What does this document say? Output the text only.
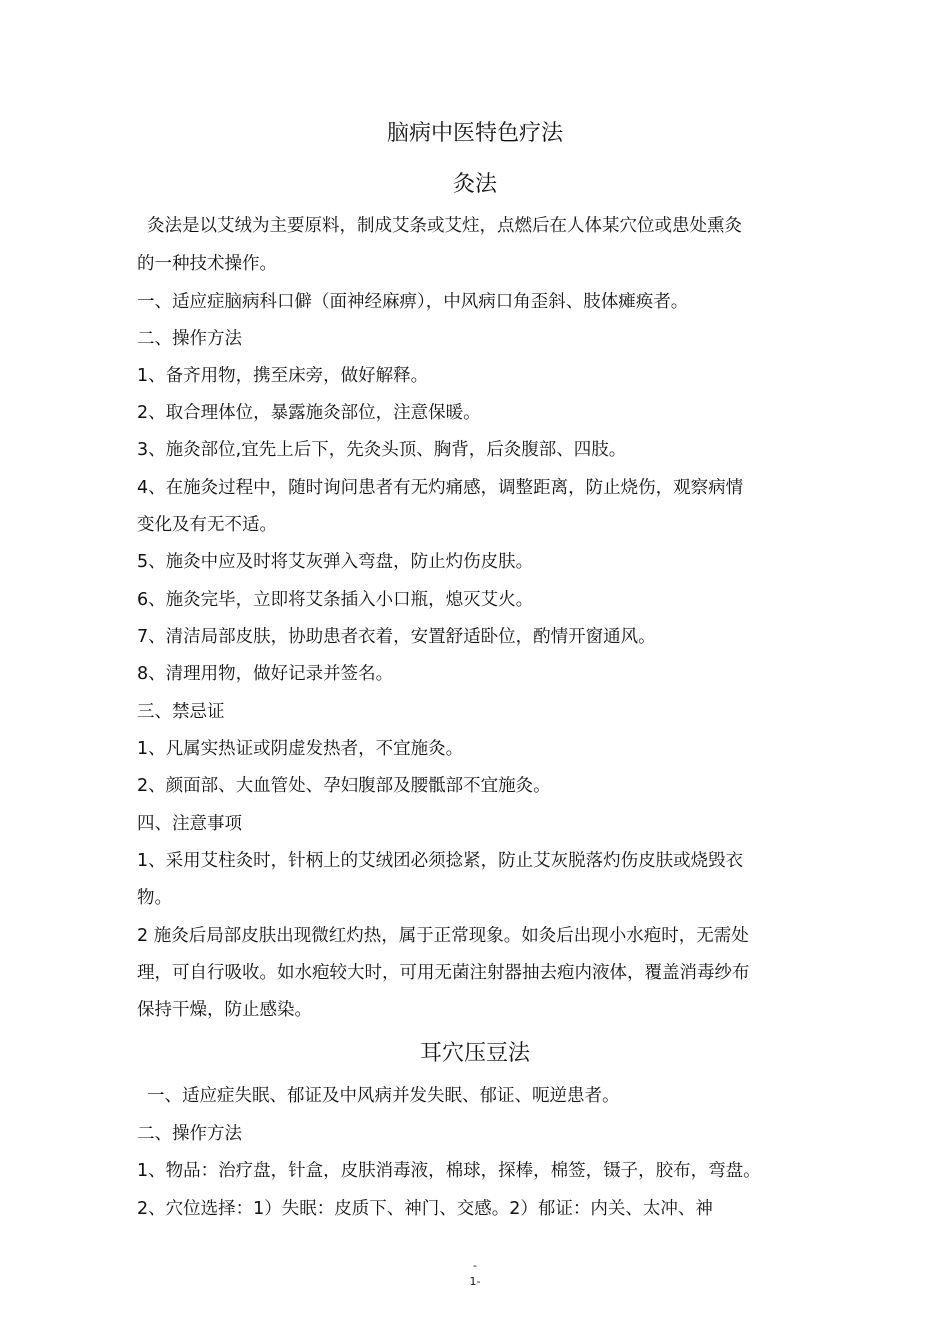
脑病中医特色疗法
灸法
灸法是以艾绒为主要原料，制成艾条或艾炷，点燃后在人体某穴位或患处熏灸
的一种技术操作。
一、适应症脑病科口僻（面神经麻痹），中风病口角歪斜、肢体瘫痪者。
二、操作方法
1、备齐用物，携至床旁，做好解释。
2、取合理体位，暴露施灸部位，注意保暖。
3、施灸部位,宜先上后下，先灸头顶、胸背，后灸腹部、四肢。
4、在施灸过程中，随时询问患者有无灼痛感，调整距离，防止烧伤，观察病情
变化及有无不适。
5、施灸中应及时将艾灰弹入弯盘，防止灼伤皮肤。
6、施灸完毕，立即将艾条插入小口瓶，熄灭艾火。
7、清洁局部皮肤，协助患者衣着，安置舒适卧位，酌情开窗通风。
8、清理用物，做好记录并签名。
三、禁忌证
1、凡属实热证或阴虚发热者，不宜施灸。
2、颜面部、大血管处、孕妇腹部及腰骶部不宜施灸。
四、注意事项
1、采用艾柱灸时，针柄上的艾绒团必须捻紧，防止艾灰脱落灼伤皮肤或烧毁衣
物。
2 施灸后局部皮肤出现微红灼热，属于正常现象。如灸后出现小水疱时，无需处
理，可自行吸收。如水疱较大时，可用无菌注射器抽去疱内液体，覆盖消毒纱布
保持干燥，防止感染。
耳穴压豆法
一、适应症失眠、郁证及中风病并发失眠、郁证、呃逆患者。
二、操作方法
1、物品：治疗盘，针盒，皮肤消毒液，棉球，探棒，棉签，镊子，胶布，弯盘。
2、穴位选择：1）失眠：皮质下、神门、交感。2）郁证：内关、太冲、神
-
1-
